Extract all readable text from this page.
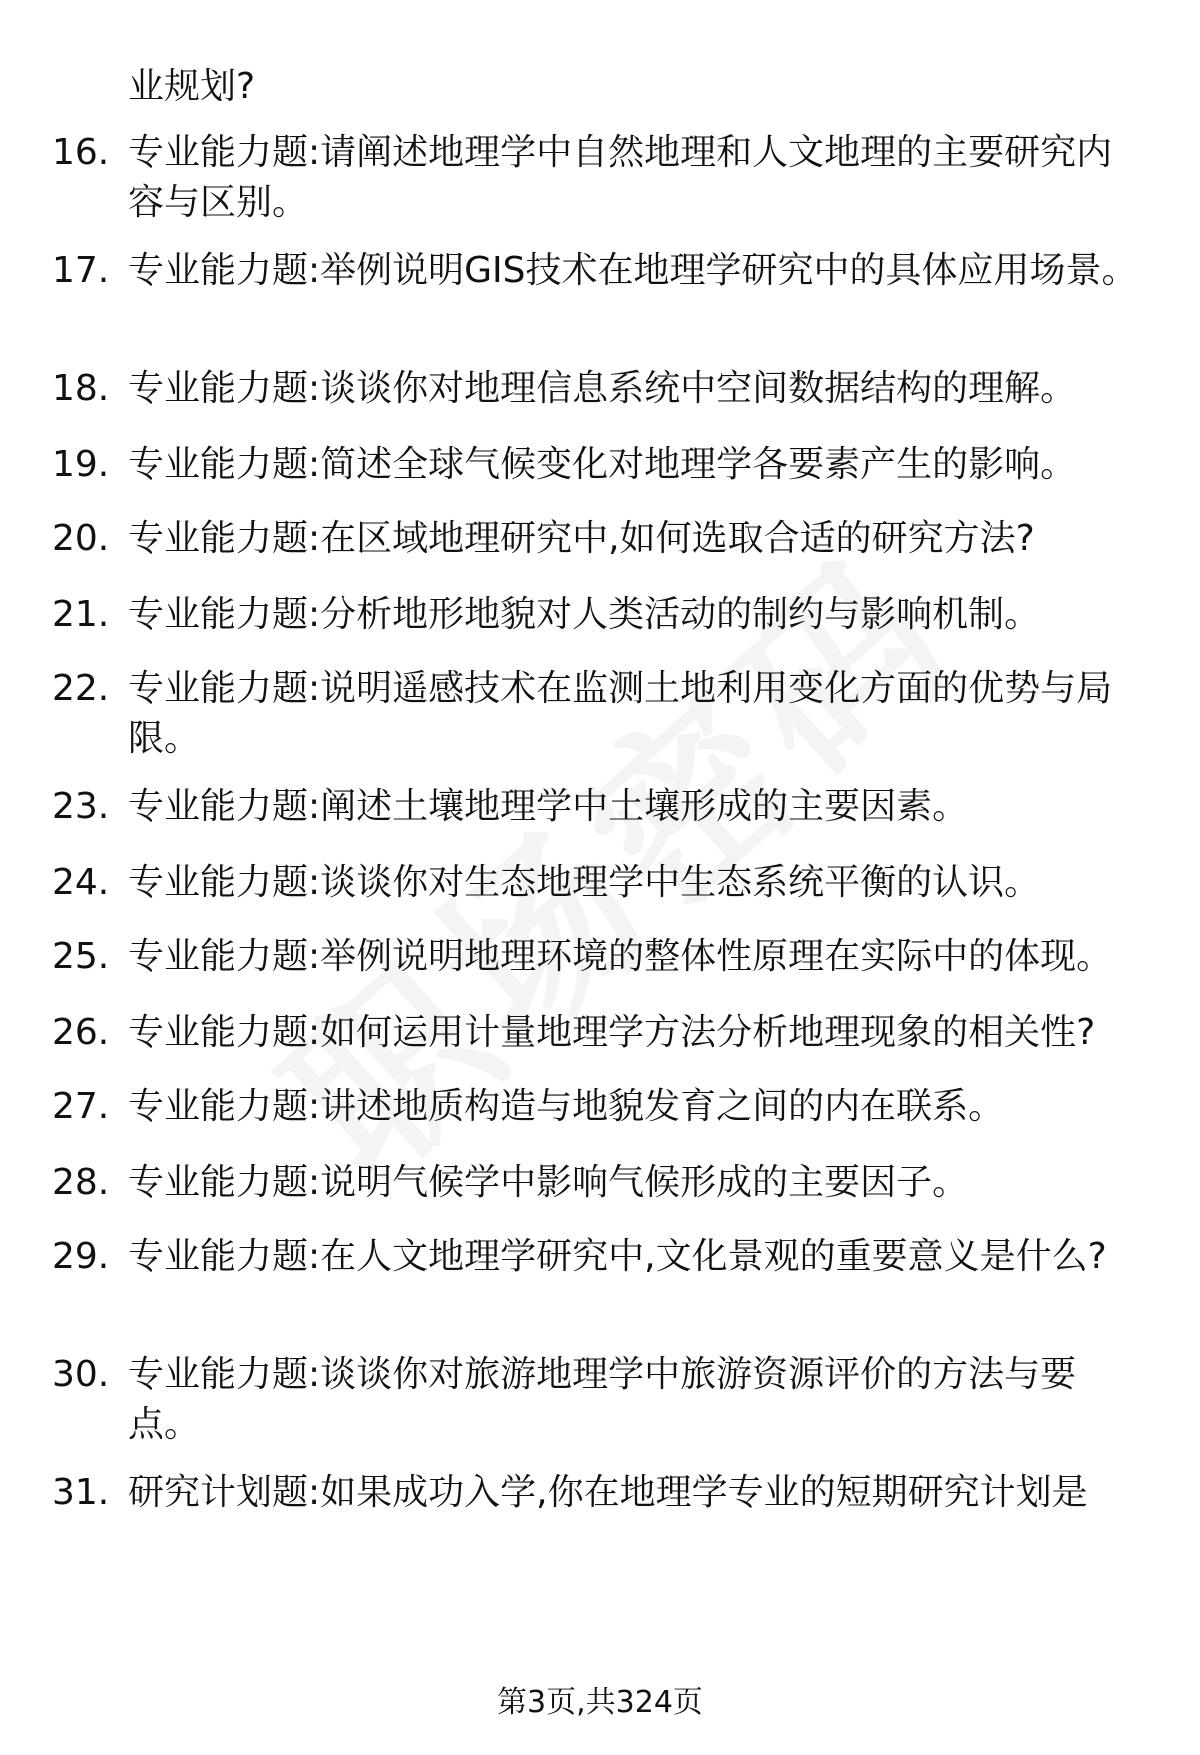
业规划?
16. 专业能力题:请阐述地理学中自然地理和人文地理的主要研究内容与区别。
17. 专业能力题:举例说明GIS技术在地理学研究中的具体应用场景。
18. 专业能力题:谈谈你对地理信息系统中空间数据结构的理解。
19. 专业能力题:简述全球气候变化对地理学各要素产生的影响。
20. 专业能力题:在区域地理研究中,如何选取合适的研究方法?
21. 专业能力题:分析地形地貌对人类活动的制约与影响机制。
22. 专业能力题:说明遥感技术在监测土地利用变化方面的优势与局限。
23. 专业能力题:阐述土壤地理学中土壤形成的主要因素。
24. 专业能力题:谈谈你对生态地理学中生态系统平衡的认识。
25. 专业能力题:举例说明地理环境的整体性原理在实际中的体现。
26. 专业能力题:如何运用计量地理学方法分析地理现象的相关性?
27. 专业能力题:讲述地质构造与地貌发育之间的内在联系。
28. 专业能力题:说明气候学中影响气候形成的主要因子。
29. 专业能力题:在人文地理学研究中,文化景观的重要意义是什么?
30. 专业能力题:谈谈你对旅游地理学中旅游资源评价的方法与要点。
31. 研究计划题:如果成功入学,你在地理学专业的短期研究计划是
第3页,共324页
